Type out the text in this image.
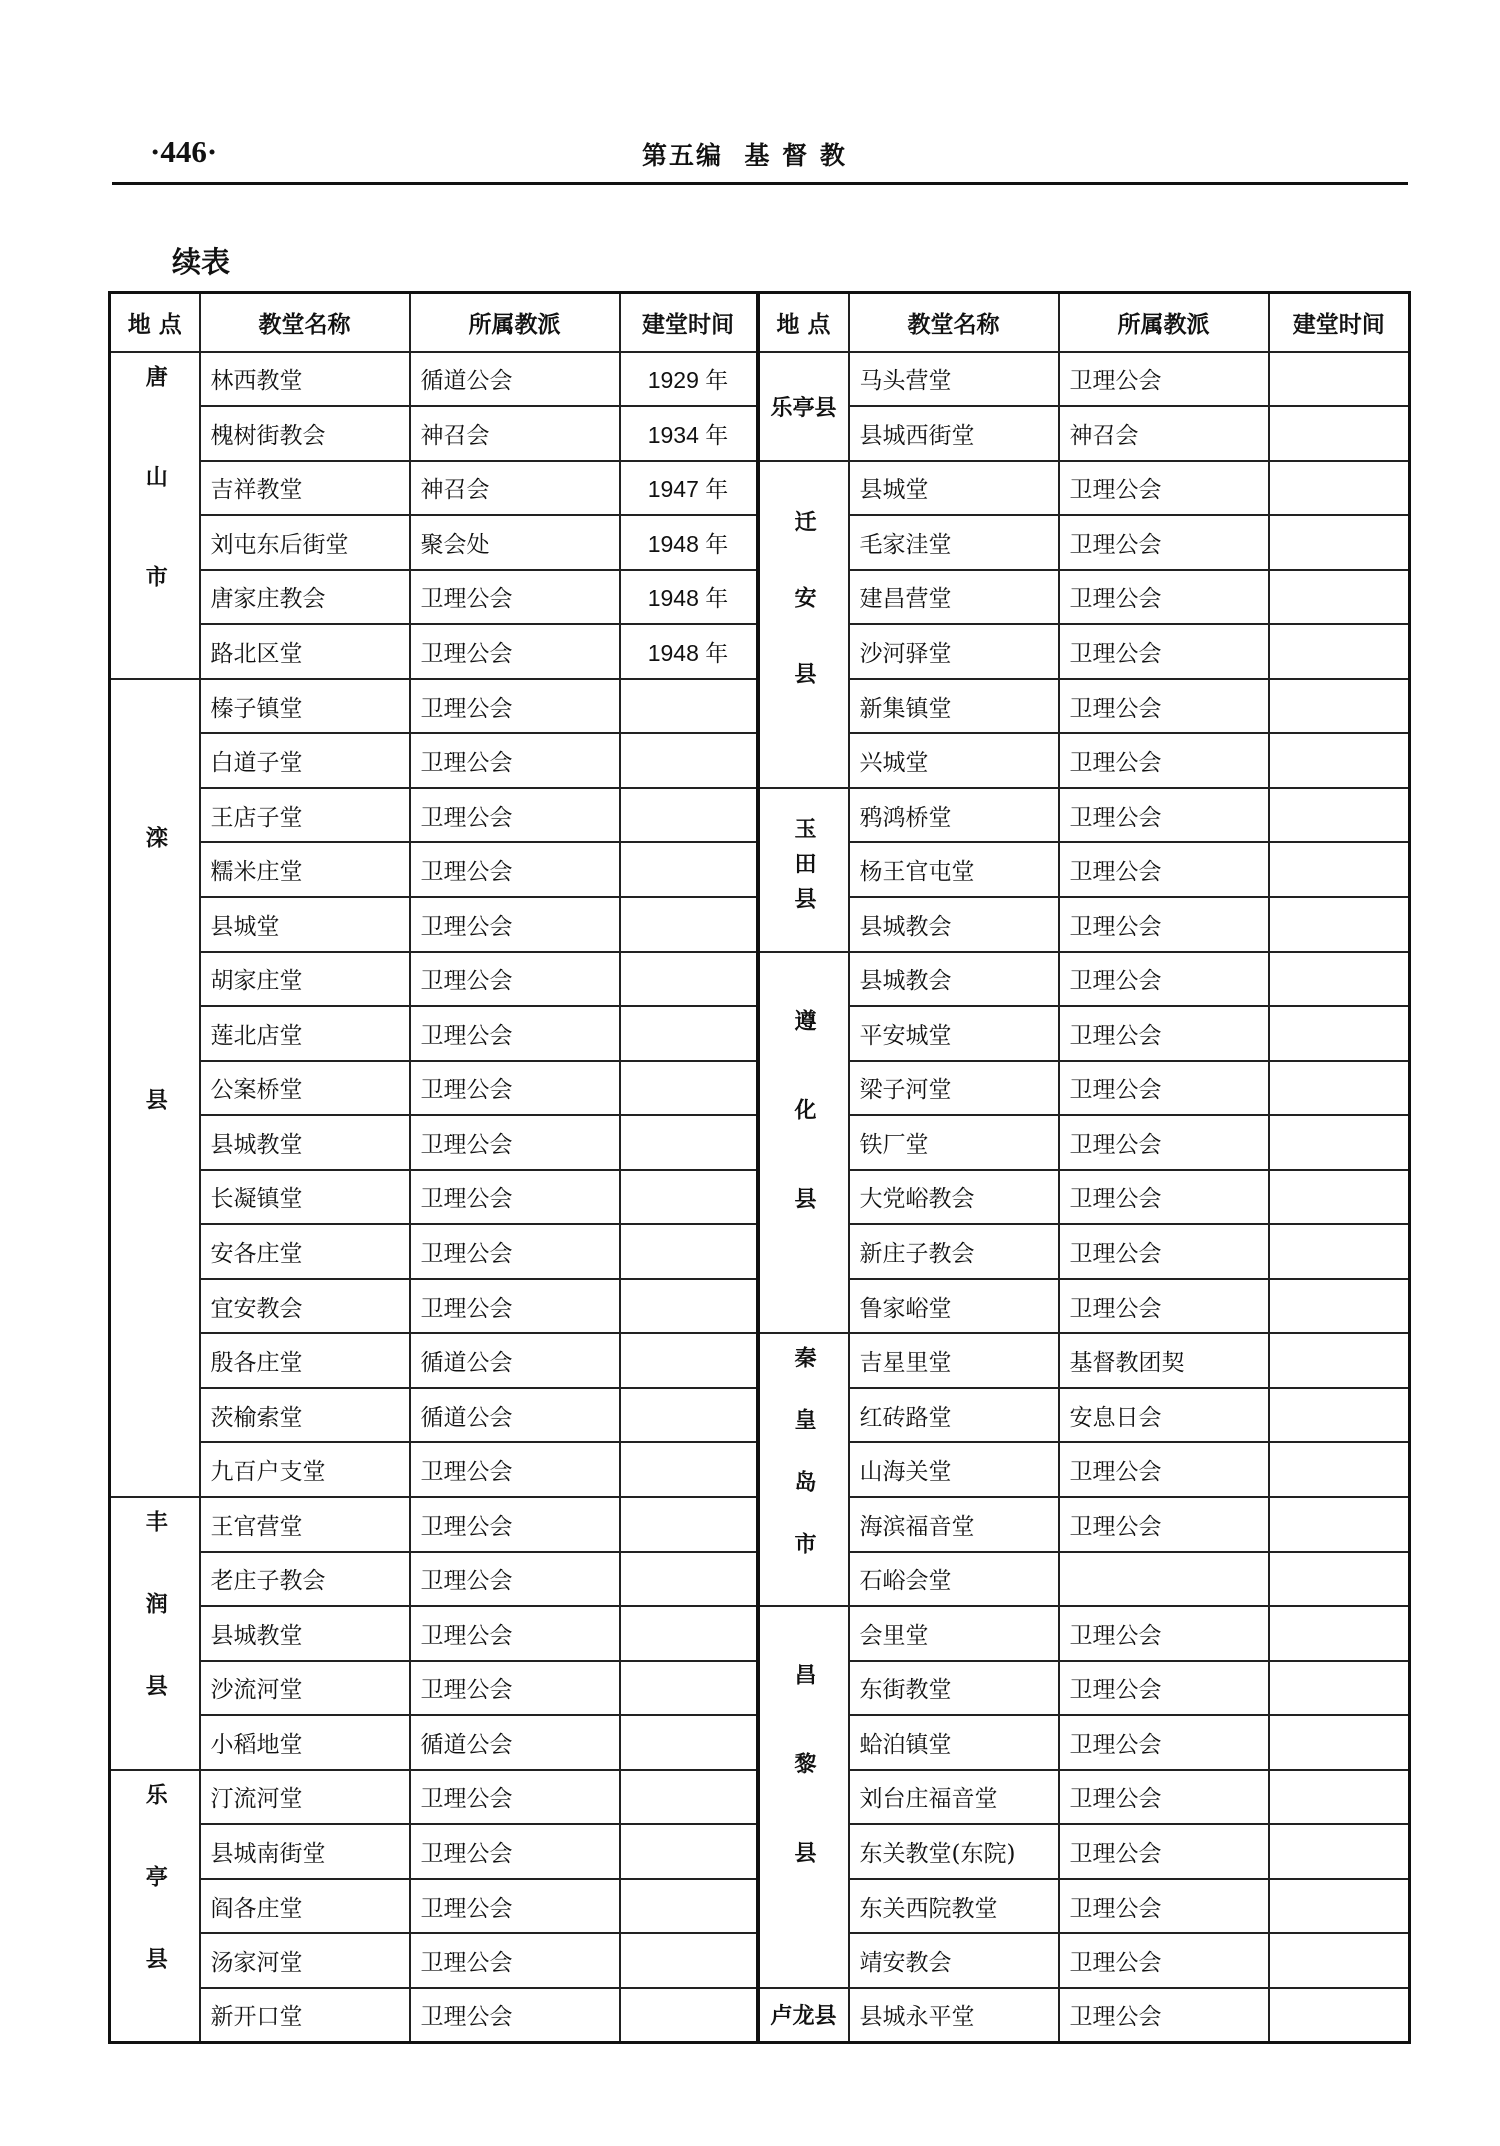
·446·	第五编  基 督 教
续表
地 点	教堂名称	所属教派	建堂时间	地 点	教堂名称	所属教派	建堂时间
唐山市	林西教堂	循道公会	1929 年	乐亭县	马头营堂	卫理公会	
	槐树街教会	神召会	1934 年		县城西街堂	神召会	
	吉祥教堂	神召会	1947 年	迁安县	县城堂	卫理公会	
	刘屯东后街堂	聚会处	1948 年		毛家洼堂	卫理公会	
	唐家庄教会	卫理公会	1948 年		建昌营堂	卫理公会	
	路北区堂	卫理公会	1948 年		沙河驿堂	卫理公会	
滦县	榛子镇堂	卫理公会			新集镇堂	卫理公会	
	白道子堂	卫理公会			兴城堂	卫理公会	
	王店子堂	卫理公会		玉田县	鸦鸿桥堂	卫理公会	
	糯米庄堂	卫理公会			杨王官屯堂	卫理公会	
	县城堂	卫理公会			县城教会	卫理公会	
	胡家庄堂	卫理公会		遵化县	县城教会	卫理公会	
	莲北店堂	卫理公会			平安城堂	卫理公会	
	公案桥堂	卫理公会			梁子河堂	卫理公会	
	县城教堂	卫理公会			铁厂堂	卫理公会	
	长凝镇堂	卫理公会			大党峪教会	卫理公会	
	安各庄堂	卫理公会			新庄子教会	卫理公会	
	宜安教会	卫理公会			鲁家峪堂	卫理公会	
	殷各庄堂	循道公会		秦皇岛市	吉星里堂	基督教团契	
	茨榆索堂	循道公会			红砖路堂	安息日会	
	九百户支堂	卫理公会			山海关堂	卫理公会	
丰润县	王官营堂	卫理公会			海滨福音堂	卫理公会	
	老庄子教会	卫理公会			石峪会堂		
	县城教堂	卫理公会		昌黎县	会里堂	卫理公会	
	沙流河堂	卫理公会			东街教堂	卫理公会	
	小稻地堂	循道公会			蛤泊镇堂	卫理公会	
乐亭县	汀流河堂	卫理公会			刘台庄福音堂	卫理公会	
	县城南街堂	卫理公会			东关教堂(东院)	卫理公会	
	阎各庄堂	卫理公会			东关西院教堂	卫理公会	
	汤家河堂	卫理公会			靖安教会	卫理公会	
	新开口堂	卫理公会		卢龙县	县城永平堂	卫理公会	
